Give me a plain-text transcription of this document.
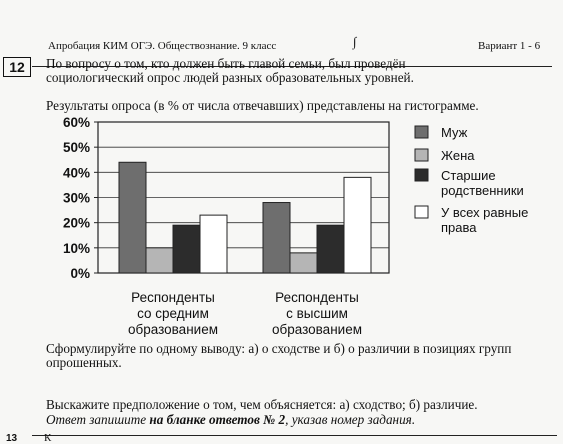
Апробация КИМ ОГЭ. Обществознание. 9 класс	∫	Вариант 1 - 6
12	По вопросу о том, кто должен быть главой семьи, был проведён
социологический опрос людей разных образовательных уровней.
Результаты опроса (в % от числа отвечавших) представлены на гистограмме.
0%
10%
20%
30%
40%
50%
60%
Респонденты
со средним
образованием
Респонденты
с высшим
образованием
Муж
Жена
Старшие
родственники
У всех равные
права
Сформулируйте по одному выводу: а) о сходстве и б) о различии в позициях групп опрошенных.
Выскажите предположение о том, чем объясняется: а) сходство; б) различие.
Ответ запишите на бланке ответов № 2, указав номер задания.
13 К
